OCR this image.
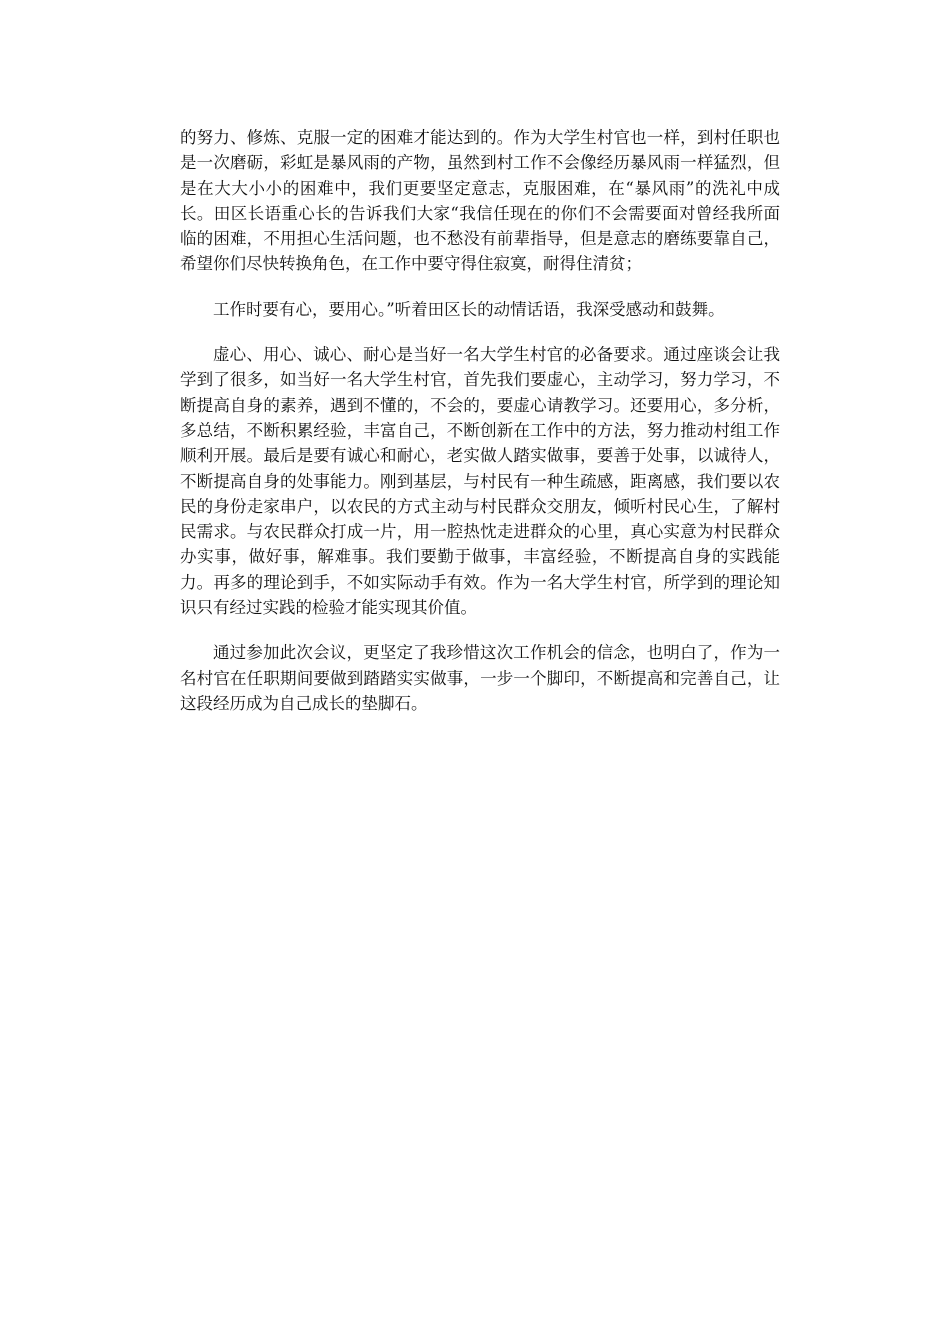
的努力、修炼、克服一定的困难才能达到的。作为大学生村官也一样，到村任职也是一次磨砺，彩虹是暴风雨的产物，虽然到村工作不会像经历暴风雨一样猛烈，但是在大大小小的困难中，我们更要坚定意志，克服困难，在“暴风雨”的洗礼中成长。田区长语重心长的告诉我们大家“我信任现在的你们不会需要面对曾经我所面临的困难，不用担心生活问题，也不愁没有前辈指导，但是意志的磨练要靠自己，希望你们尽快转换角色，在工作中要守得住寂寞，耐得住清贫；

工作时要有心，要用心。”听着田区长的动情话语，我深受感动和鼓舞。

虚心、用心、诚心、耐心是当好一名大学生村官的必备要求。通过座谈会让我学到了很多，如当好一名大学生村官，首先我们要虚心，主动学习，努力学习，不断提高自身的素养，遇到不懂的，不会的，要虚心请教学习。还要用心，多分析，多总结，不断积累经验，丰富自己，不断创新在工作中的方法，努力推动村组工作顺利开展。最后是要有诚心和耐心，老实做人踏实做事，要善于处事，以诚待人，不断提高自身的处事能力。刚到基层，与村民有一种生疏感，距离感，我们要以农民的身份走家串户，以农民的方式主动与村民群众交朋友，倾听村民心生，了解村民需求。与农民群众打成一片，用一腔热忱走进群众的心里，真心实意为村民群众办实事，做好事，解难事。我们要勤于做事，丰富经验，不断提高自身的实践能力。再多的理论到手，不如实际动手有效。作为一名大学生村官，所学到的理论知识只有经过实践的检验才能实现其价值。

通过参加此次会议，更坚定了我珍惜这次工作机会的信念，也明白了，作为一名村官在任职期间要做到踏踏实实做事，一步一个脚印，不断提高和完善自己，让这段经历成为自己成长的垫脚石。
